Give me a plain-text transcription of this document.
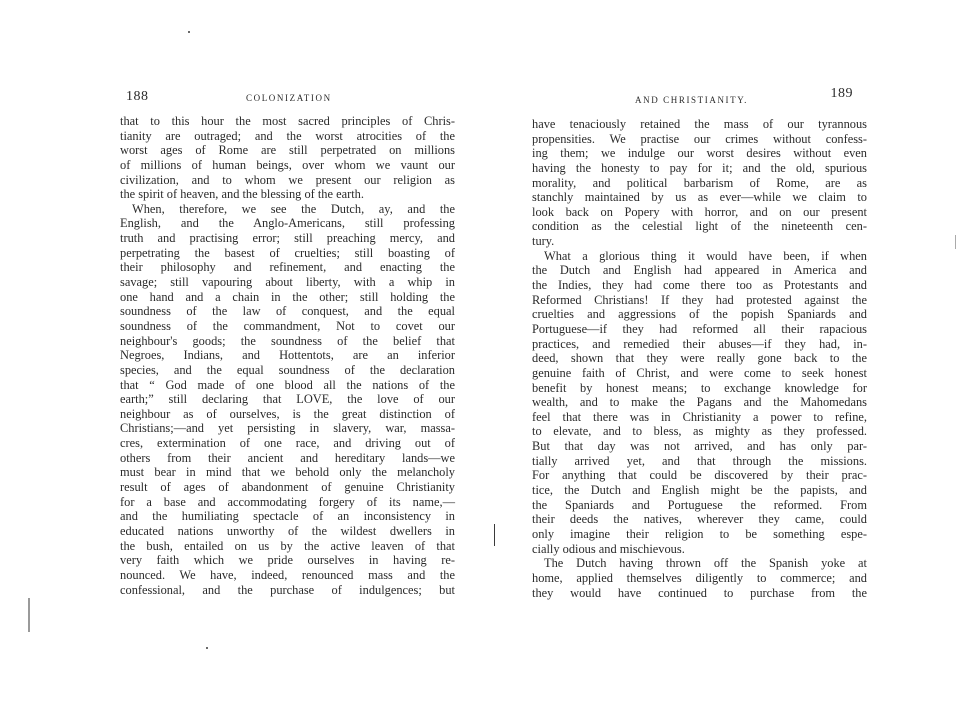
188	COLONIZATION
that to this hour the most sacred principles of Chris-
tianity are outraged; and the worst atrocities of the
worst ages of Rome are still perpetrated on millions
of millions of human beings, over whom we vaunt our
civilization, and to whom we present our religion as
the spirit of heaven, and the blessing of the earth.
When, therefore, we see the Dutch, ay, and the
English, and the Anglo-Americans, still professing
truth and practising error; still preaching mercy, and
perpetrating the basest of cruelties; still boasting of
their philosophy and refinement, and enacting the
savage; still vapouring about liberty, with a whip in
one hand and a chain in the other; still holding the
soundness of the law of conquest, and the equal
soundness of the commandment, Not to covet our
neighbour's goods; the soundness of the belief that
Negroes, Indians, and Hottentots, are an inferior
species, and the equal soundness of the declaration
that “ God made of one blood all the nations of the
earth;” still declaring that LOVE, the love of our
neighbour as of ourselves, is the great distinction of
Christians;—and yet persisting in slavery, war, massa-
cres, extermination of one race, and driving out of
others from their ancient and hereditary lands—we
must bear in mind that we behold only the melancholy
result of ages of abandonment of genuine Christianity
for a base and accommodating forgery of its name,—
and the humiliating spectacle of an inconsistency in
educated nations unworthy of the wildest dwellers in
the bush, entailed on us by the active leaven of that
very faith which we pride ourselves in having re-
nounced. We have, indeed, renounced mass and the
confessional, and the purchase of indulgences; but
AND CHRISTIANITY.	189
have tenaciously retained the mass of our tyrannous
propensities. We practise our crimes without confess-
ing them; we indulge our worst desires without even
having the honesty to pay for it; and the old, spurious
morality, and political barbarism of Rome, are as
stanchly maintained by us as ever—while we claim to
look back on Popery with horror, and on our present
condition as the celestial light of the nineteenth cen-
tury.
What a glorious thing it would have been, if when
the Dutch and English had appeared in America and
the Indies, they had come there too as Protestants and
Reformed Christians! If they had protested against the
cruelties and aggressions of the popish Spaniards and
Portuguese—if they had reformed all their rapacious
practices, and remedied their abuses—if they had, in-
deed, shown that they were really gone back to the
genuine faith of Christ, and were come to seek honest
benefit by honest means; to exchange knowledge for
wealth, and to make the Pagans and the Mahomedans
feel that there was in Christianity a power to refine,
to elevate, and to bless, as mighty as they professed.
But that day was not arrived, and has only par-
tially arrived yet, and that through the missions.
For anything that could be discovered by their prac-
tice, the Dutch and English might be the papists, and
the Spaniards and Portuguese the reformed. From
their deeds the natives, wherever they came, could
only imagine their religion to be something espe-
cially odious and mischievous.
The Dutch having thrown off the Spanish yoke at
home, applied themselves diligently to commerce; and
they would have continued to purchase from the
